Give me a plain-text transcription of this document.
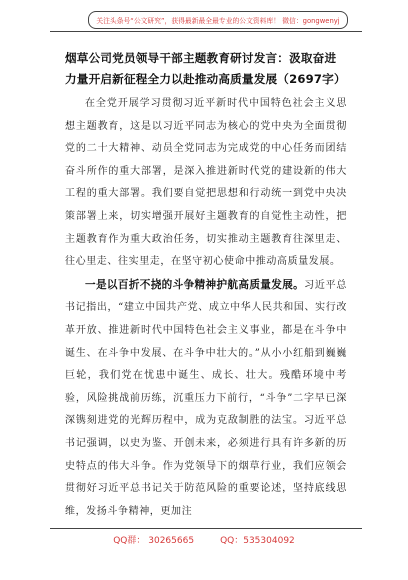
关注头条号“公文研究”，获得最新最全最专业的公文资料库！ 微信：gongwenyj
烟草公司党员领导干部主题教育研讨发言：汲取奋进力量开启新征程全力以赴推动高质量发展（2697字）

在全党开展学习贯彻习近平新时代中国特色社会主义思想主题教育，这是以习近平同志为核心的党中央为全面贯彻党的二十大精神、动员全党同志为完成党的中心任务而团结奋斗所作的重大部署，是深入推进新时代党的建设新的伟大工程的重大部署。我们要自觉把思想和行动统一到党中央决策部署上来，切实增强开展好主题教育的自觉性主动性，把主题教育作为重大政治任务，切实推动主题教育往深里走、往心里走、往实里走，在坚守初心使命中推动高质量发展。

一是以百折不挠的斗争精神护航高质量发展。习近平总书记指出，“建立中国共产党、成立中华人民共和国、实行改革开放、推进新时代中国特色社会主义事业，都是在斗争中诞生、在斗争中发展、在斗争中壮大的。”从小小红船到巍巍巨轮，我们党在忧患中诞生、成长、壮大。残酷环境中考验，风险挑战前历练，沉重压力下前行，“斗争”二字早已深深镌刻进党的光辉历程中，成为克敌制胜的法宝。习近平总书记强调，以史为鉴、开创未来，必须进行具有许多新的历史特点的伟大斗争。作为党领导下的烟草行业，我们应领会贯彻好习近平总书记关于防范风险的重要论述，坚持底线思维，发扬斗争精神，更加注

QQ群： 30265665	QQ：535304092
